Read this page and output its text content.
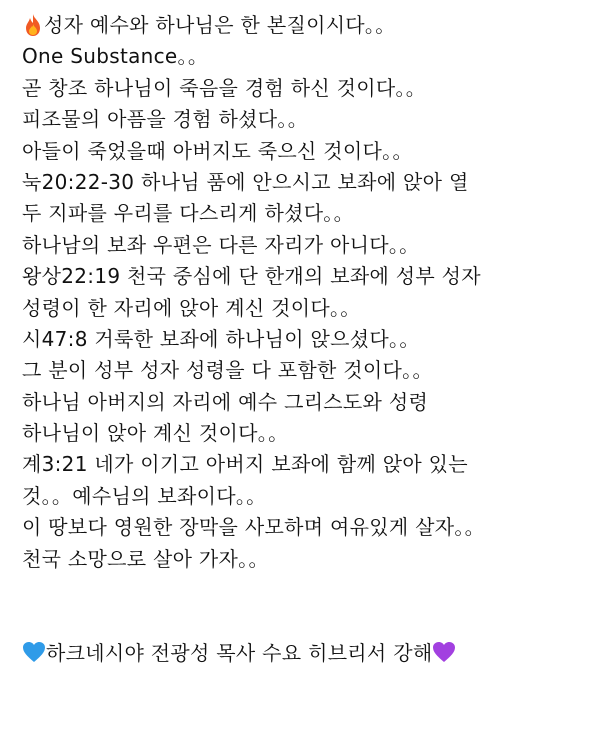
성자 예수와 하나님은 한 본질이시다。。
One Substance。。
곧 창조 하나님이 죽음을 경험 하신 것이다。。
피조물의 아픔을 경험 하셨다。。
아들이 죽었을때 아버지도 죽으신 것이다。。
눅20:22-30 하나님 품에 안으시고 보좌에 앉아 열
두 지파를 우리를 다스리게 하셨다。。
하나남의 보좌 우편은 다른 자리가 아니다。。
왕상22:19 천국 중심에 단 한개의 보좌에 성부 성자
성령이 한 자리에 앉아 계신 것이다。。
시47:8 거룩한 보좌에 하나님이 앉으셨다。。
그 분이 성부 성자 성령을 다 포함한 것이다。。
하나님 아버지의 자리에 예수 그리스도와 성령
하나님이 앉아 계신 것이다。。
계3:21 네가 이기고 아버지 보좌에 함께 앉아 있는
것。。예수님의 보좌이다。。
이 땅보다 영원한 장막을 사모하며 여유있게 살자。。
천국 소망으로 살아 가자。。
하크네시야 전광성 목사 수요 히브리서 강해
